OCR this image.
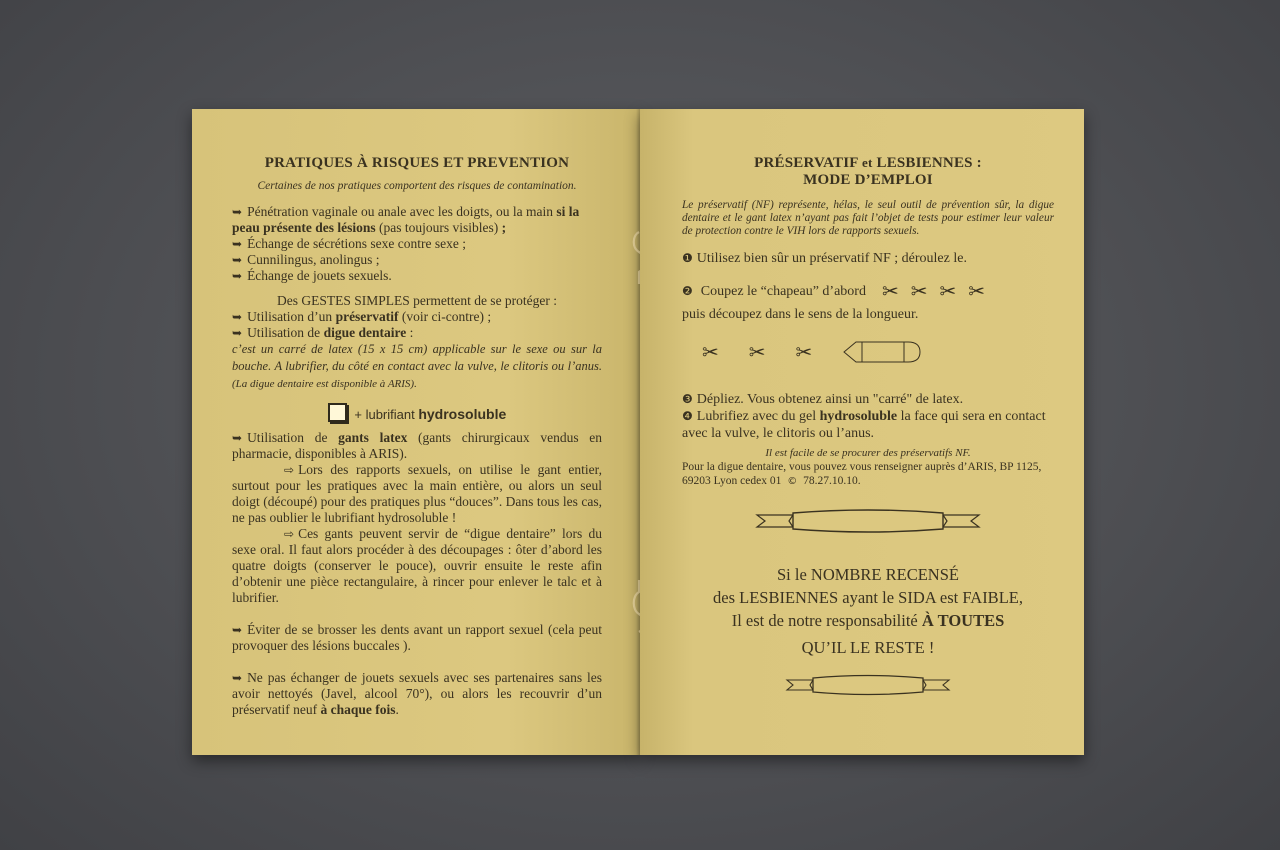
PRATIQUES À RISQUES ET PREVENTION

Certaines de nos pratiques comportent des risques de contamination.

➥ Pénétration vaginale ou anale avec les doigts, ou la main si la peau présente des lésions (pas toujours visibles) ;

➥ Échange de sécrétions sexe contre sexe ;

➥ Cunnilingus, anolingus ;

➥ Échange de jouets sexuels.

Des GESTES SIMPLES permettent de se protéger :

➥ Utilisation d’un préservatif (voir ci-contre) ;

➥ Utilisation de digue dentaire :

c’est un carré de latex (15 x 15 cm) applicable sur le sexe ou sur la bouche. A lubrifier, du côté en contact avec la vulve, le clitoris ou l’anus. (La digue dentaire est disponible à ARIS).

+ lubrifiant hydrosoluble

➥ Utilisation de gants latex (gants chirurgicaux vendus en pharmacie, disponibles à ARIS).

⇨ Lors des rapports sexuels, on utilise le gant entier, surtout pour les pratiques avec la main entière, ou alors un seul doigt (découpé) pour des pratiques plus “douces”. Dans tous les cas, ne pas oublier le lubrifiant hydrosoluble !

⇨ Ces gants peuvent servir de “digue dentaire” lors du sexe oral. Il faut alors procéder à des découpages : ôter d’abord les quatre doigts (conserver le pouce), ouvrir ensuite le reste afin d’obtenir une pièce rectangulaire, à rincer pour enlever le talc et à lubrifier.

➥ Éviter de se brosser les dents avant un rapport sexuel (cela peut provoquer des lésions buccales ).

➥ Ne pas échanger de jouets sexuels avec ses partenaires sans les avoir nettoyés (Javel, alcool 70°), ou alors les recouvrir d’un préservatif neuf à chaque fois.

PRÉSERVATIF et LESBIENNES :

MODE D’EMPLOI

Le préservatif (NF) représente, hélas, le seul outil de prévention sûr, la digue dentaire et le gant latex n’ayant pas fait l’objet de tests pour estimer leur valeur de protection contre le VIH lors de rapports sexuels.

❶ Utilisez bien sûr un préservatif NF ; déroulez le.

❷ Coupez le “chapeau” d’abord ✂✂✂✂

puis découpez dans le sens de la longueur.

✂ ✂ ✂

❸ Dépliez. Vous obtenez ainsi un "carré" de latex.

❹ Lubrifiez avec du gel hydrosoluble la face qui sera en contact avec la vulve, le clitoris ou l’anus.

Il est facile de se procurer des préservatifs NF.

Pour la digue dentaire, vous pouvez vous renseigner auprès d’ARIS, BP 1125, 69203 Lyon cedex 01 © 78.27.10.10.

Si le NOMBRE RECENSÉ

des LESBIENNES ayant le SIDA est FAIBLE,

Il est de notre responsabilité À TOUTES

QU’IL LE RESTE !
